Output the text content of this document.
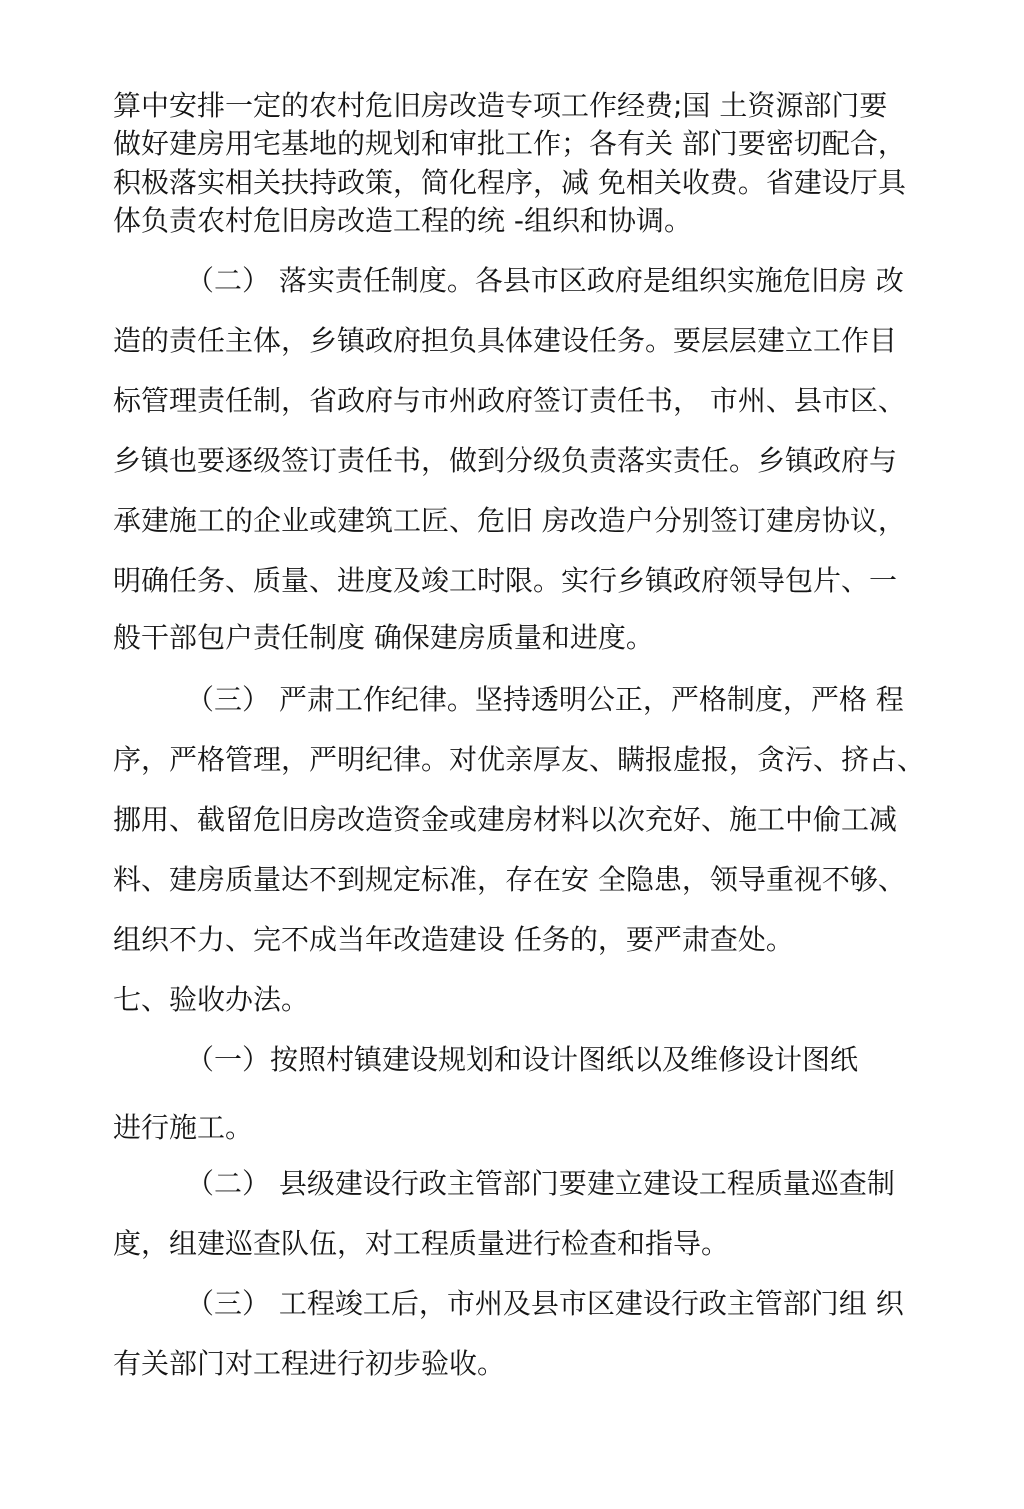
算中安排一定的农村危旧房改造专项工作经费;国 土资源部门要

做好建房用宅基地的规划和审批工作；各有关 部门要密切配合，

积极落实相关扶持政策，简化程序，减 免相关收费。省建设厅具

体负责农村危旧房改造工程的统 -组织和协调。

（二） 落实责任制度。各县市区政府是组织实施危旧房 改

造的责任主体，乡镇政府担负具体建设任务。要层层建立工作目

标管理责任制，省政府与市州政府签订责任书， 市州、县市区、

乡镇也要逐级签订责任书，做到分级负责落实责任。乡镇政府与

承建施工的企业或建筑工匠、危旧 房改造户分别签订建房协议，

明确任务、质量、进度及竣工时限。实行乡镇政府领导包片、一

般干部包户责任制度 确保建房质量和进度。

（三） 严肃工作纪律。坚持透明公正，严格制度，严格 程

序，严格管理，严明纪律。对优亲厚友、瞒报虚报，贪污、挤占、

挪用、截留危旧房改造资金或建房材料以次充好、施工中偷工减

料、建房质量达不到规定标准，存在安 全隐患，领导重视不够、

组织不力、完不成当年改造建设 任务的，要严肃查处。

七、验收办法。

（一）按照村镇建设规划和设计图纸以及维修设计图纸

进行施工。

（二） 县级建设行政主管部门要建立建设工程质量巡查制

度，组建巡查队伍，对工程质量进行检查和指导。

（三） 工程竣工后，市州及县市区建设行政主管部门组 织

有关部门对工程进行初步验收。
